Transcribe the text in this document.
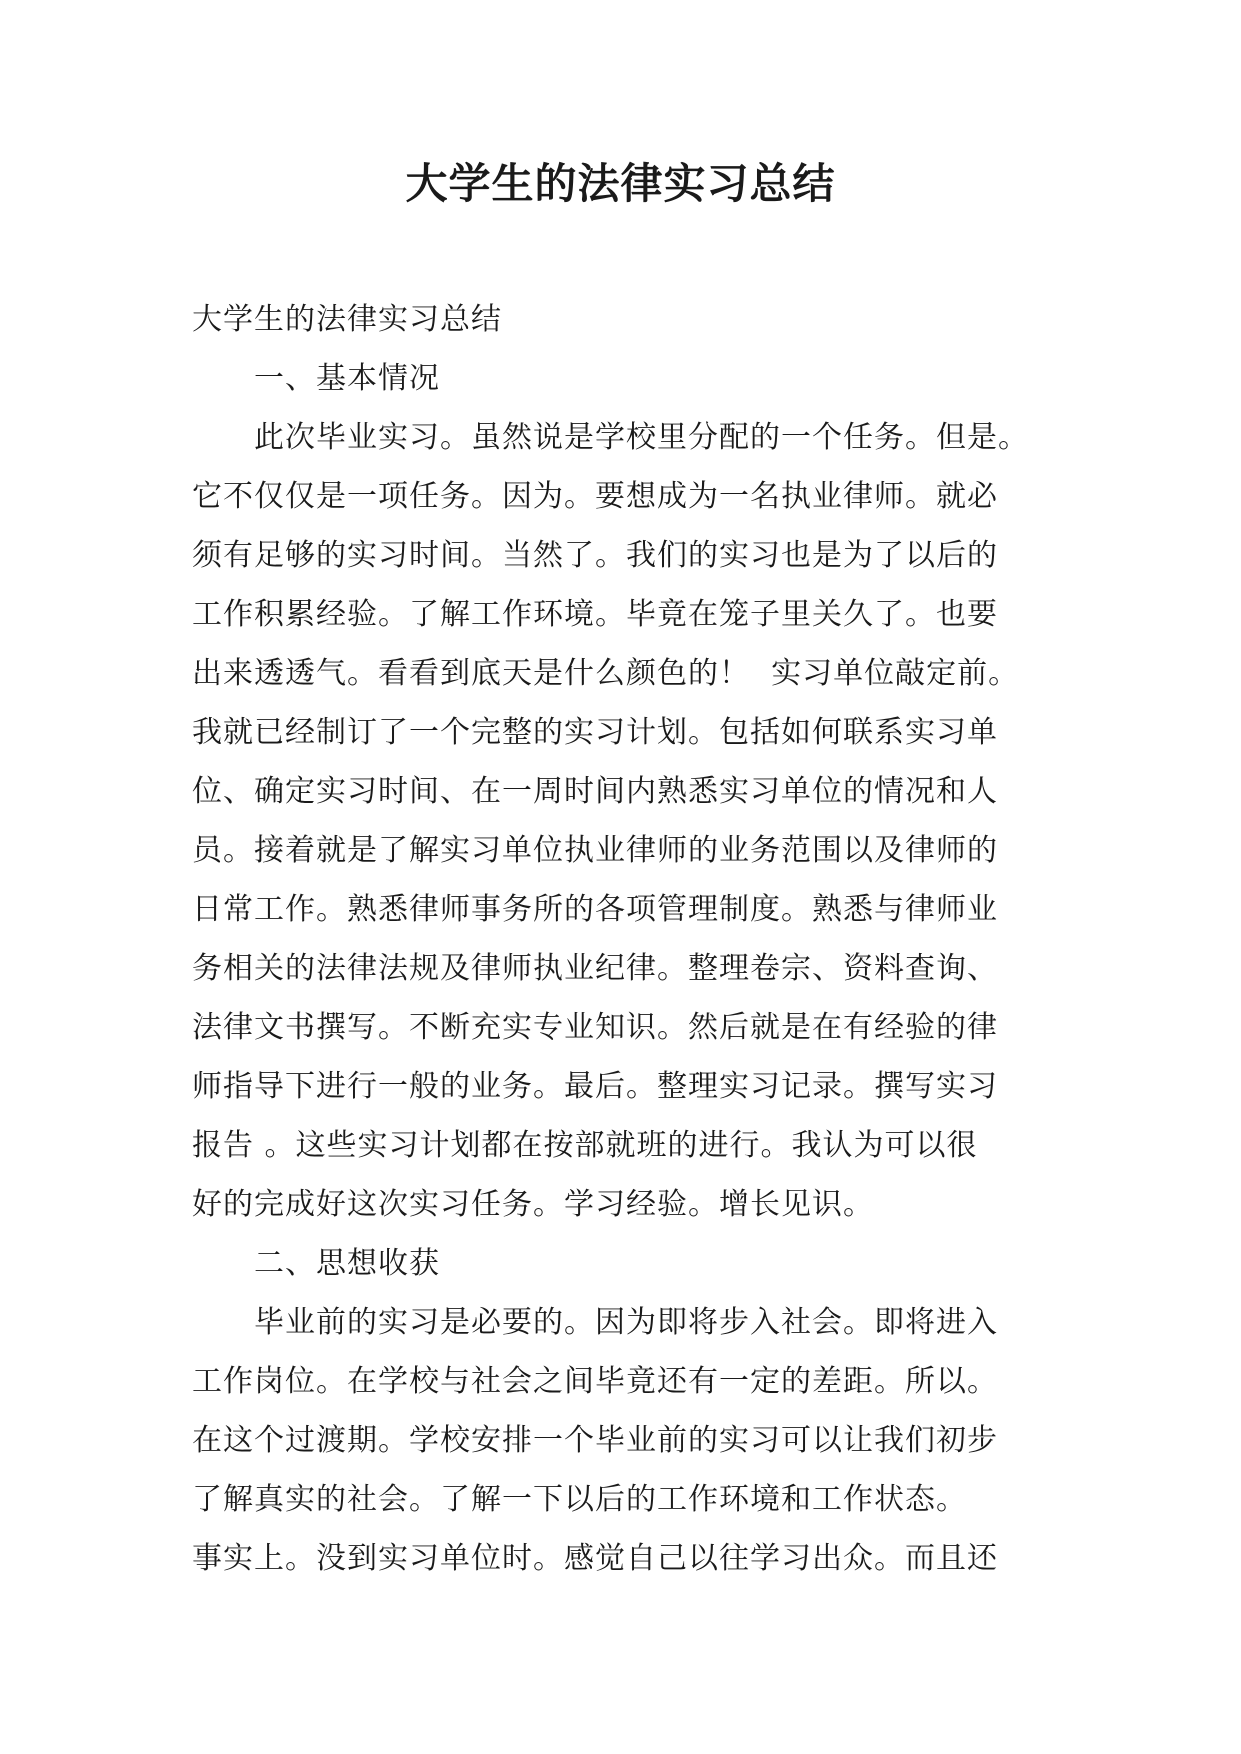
大学生的法律实习总结

大学生的法律实习总结

　　一、基本情况

　　此次毕业实习。虽然说是学校里分配的一个任务。但是。

它不仅仅是一项任务。因为。要想成为一名执业律师。就必

须有足够的实习时间。当然了。我们的实习也是为了以后的

工作积累经验。了解工作环境。毕竟在笼子里关久了。也要

出来透透气。看看到底天是什么颜色的！  实习单位敲定前。

我就已经制订了一个完整的实习计划。包括如何联系实习单

位、确定实习时间、在一周时间内熟悉实习单位的情况和人

员。接着就是了解实习单位执业律师的业务范围以及律师的

日常工作。熟悉律师事务所的各项管理制度。熟悉与律师业

务相关的法律法规及律师执业纪律。整理卷宗、资料查询、

法律文书撰写。不断充实专业知识。然后就是在有经验的律

师指导下进行一般的业务。最后。整理实习记录。撰写实习

报告 。这些实习计划都在按部就班的进行。我认为可以很

好的完成好这次实习任务。学习经验。增长见识。

　　二、思想收获

　　毕业前的实习是必要的。因为即将步入社会。即将进入

工作岗位。在学校与社会之间毕竟还有一定的差距。所以。

在这个过渡期。学校安排一个毕业前的实习可以让我们初步

了解真实的社会。了解一下以后的工作环境和工作状态。

事实上。没到实习单位时。感觉自己以往学习出众。而且还
